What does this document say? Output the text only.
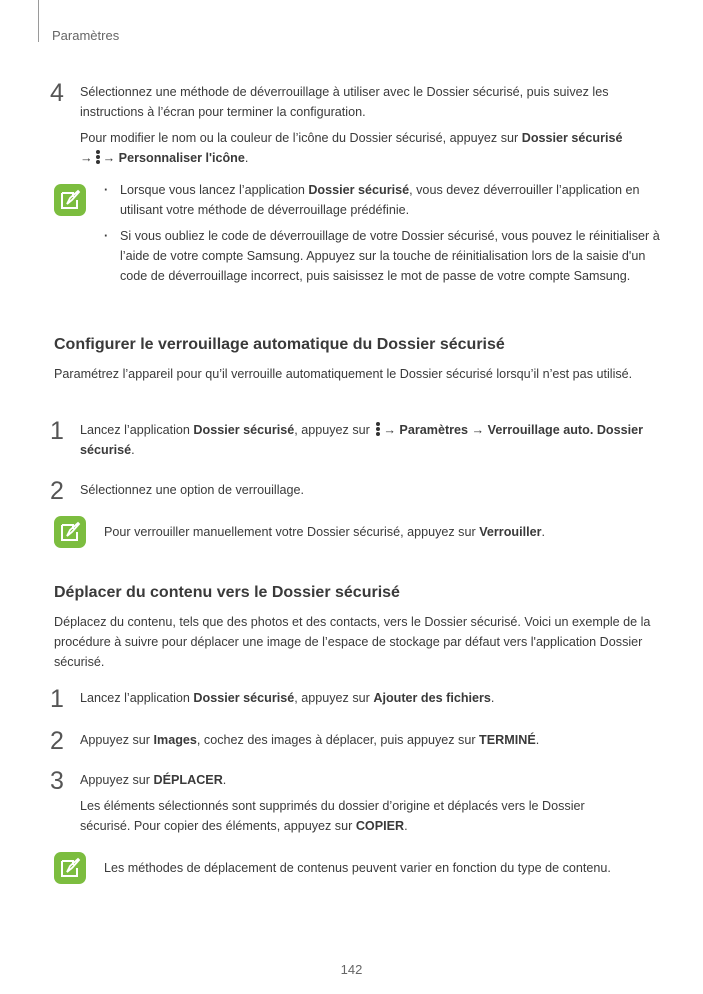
Paramètres
4 Sélectionnez une méthode de déverrouillage à utiliser avec le Dossier sécurisé, puis suivez les instructions à l’écran pour terminer la configuration.
Pour modifier le nom ou la couleur de l’icône du Dossier sécurisé, appuyez sur Dossier sécurisé
→ → Personnaliser l'icône.
· Lorsque vous lancez l’application Dossier sécurisé, vous devez déverrouiller l’application en utilisant votre méthode de déverrouillage prédéfinie.
· Si vous oubliez le code de déverrouillage de votre Dossier sécurisé, vous pouvez le réinitialiser à l’aide de votre compte Samsung. Appuyez sur la touche de réinitialisation lors de la saisie d'un code de déverrouillage incorrect, puis saisissez le mot de passe de votre compte Samsung.
Configurer le verrouillage automatique du Dossier sécurisé
Paramétrez l’appareil pour qu’il verrouille automatiquement le Dossier sécurisé lorsqu’il n’est pas utilisé.
1 Lancez l’application Dossier sécurisé, appuyez sur
→ Paramètres → Verrouillage auto. Dossier sécurisé.
2 Sélectionnez une option de verrouillage.
Pour verrouiller manuellement votre Dossier sécurisé, appuyez sur Verrouiller.
Déplacer du contenu vers le Dossier sécurisé
Déplacez du contenu, tels que des photos et des contacts, vers le Dossier sécurisé. Voici un exemple de la procédure à suivre pour déplacer une image de l’espace de stockage par défaut vers l'application Dossier sécurisé.
1 Lancez l’application Dossier sécurisé, appuyez sur Ajouter des fichiers.
2 Appuyez sur Images, cochez des images à déplacer, puis appuyez sur TERMINÉ.
3 Appuyez sur DÉPLACER.
Les éléments sélectionnés sont supprimés du dossier d’origine et déplacés vers le Dossier sécurisé. Pour copier des éléments, appuyez sur COPIER.
Les méthodes de déplacement de contenus peuvent varier en fonction du type de contenu.
142
